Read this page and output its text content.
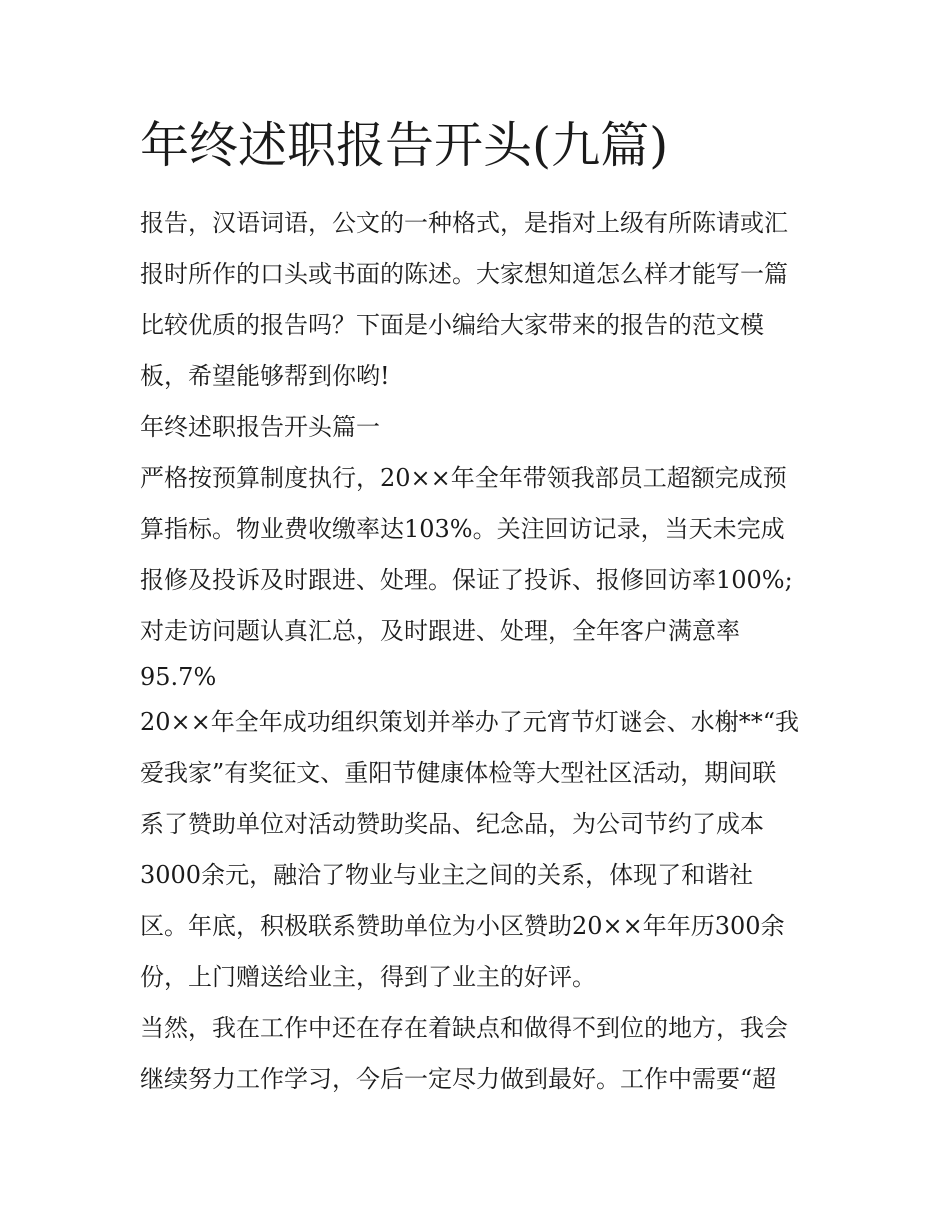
年终述职报告开头(九篇)

报告，汉语词语，公文的一种格式，是指对上级有所陈请或汇
报时所作的口头或书面的陈述。大家想知道怎么样才能写一篇
比较优质的报告吗？下面是小编给大家带来的报告的范文模
板，希望能够帮到你哟!

年终述职报告开头篇一

严格按预算制度执行，20××年全年带领我部员工超额完成预
算指标。物业费收缴率达103%。关注回访记录，当天未完成
报修及投诉及时跟进、处理。保证了投诉、报修回访率100%;
对走访问题认真汇总，及时跟进、处理，全年客户满意率
95.7%

20××年全年成功组织策划并举办了元宵节灯谜会、水榭**“我
爱我家”有奖征文、重阳节健康体检等大型社区活动，期间联
系了赞助单位对活动赞助奖品、纪念品，为公司节约了成本
3000余元，融洽了物业与业主之间的关系，体现了和谐社
区。年底，积极联系赞助单位为小区赞助20××年年历300余
份，上门赠送给业主，得到了业主的好评。

当然，我在工作中还在存在着缺点和做得不到位的地方，我会
继续努力工作学习，今后一定尽力做到最好。工作中需要“超
